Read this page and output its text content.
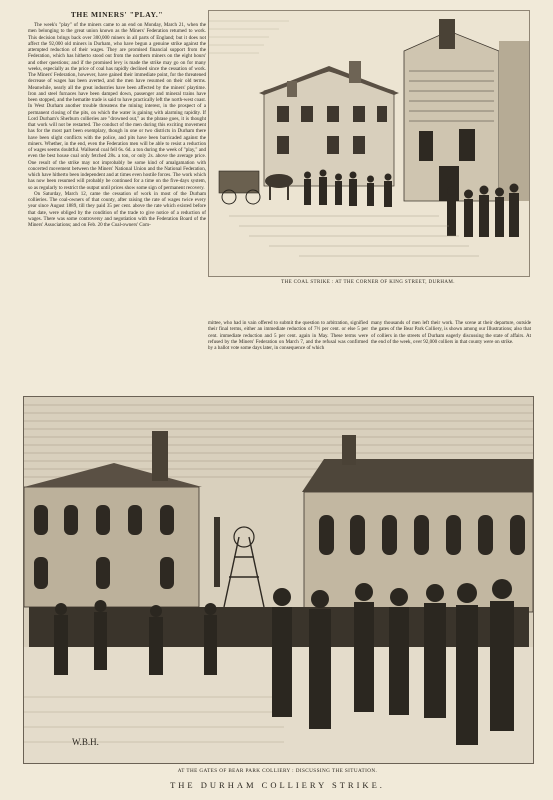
THE MINERS' "PLAY."

The week's "play" of the miners came to an end on Monday, March 21, when the men belonging to the great union known as the Miners' Federation returned to work. This decision brings back over 300,000 miners in all parts of England; but it does not affect the 92,000 old miners in Durham, who have begun a genuine strike against the attempted reduction of their wages. They are promised financial support from the Federation, which has hitherto stood out from the northern miners on the eight hours' and other questions; and if the promised levy is made the strike may go on for many weeks, especially as the price of coal has rapidly declined since the cessation of work. The Miners' Federation, however, have gained their immediate point, for the threatened decrease of wages has been averted, and the men have resumed on their old terms. Meanwhile, nearly all the great industries have been affected by the miners' playtime. Iron and steel furnaces have been damped down, passenger and mineral trains have been stopped, and the hematite trade is said to have practically left the north-west coast. In West Durham another trouble threatens the mining interest, in the prospect of a permanent closing of the pits, on which the water is gaining with alarming rapidity. If Lord Durham's Sherburn collieries are "drowned out," as the phrase goes, it is thought that work will not be restarted. The conduct of the men during this exciting movement has for the most part been exemplary, though in one or two districts in Durham there have been slight conflicts with the police, and pits have been barricaded against the miners. Whether, in the end, even the Federation men will be able to resist a reduction of wages seems doubtful. Wallsend coal fell 6s. 6d. a ton during the week of "play," and even the best house coal only fetched 28s. a ton, or only 2s. above the average price. One result of the strike may not improbably be some kind of amalgamation with concerted movement between the Miners' National Union and the National Federation, which have hitherto been independent and at times even hostile forces. The work which has now been resumed will probably be continued for a time on the five-days system, so as regularly to restrict the output until prices show some sign of permanent recovery.

On Saturday, March 12, came the cessation of work in most of the Durham collieries. The coal-owners of that county, after raising the rate of wages twice every year since August 1889, till they paid 35 per cent. above the rate which existed before that date, were obliged by the condition of the trade to give notice of a reduction of wages. There was some controversy and negotiation with the Federation Board of the Miners' Associations; and on Feb. 20 the Coal-owners' Com-

THE COAL STRIKE : AT THE CORNER OF KING STREET, DURHAM.

mittee, who had in vain offered to submit the question to arbitration, signified their final terms, either an immediate reduction of 7½ per cent. or else 5 per cent. immediate reduction and 5 per cent. again in May. These terms were refused by the Miners' Federation on March 7, and the refusal was confirmed by a ballot vote some days later, in consequence of which

many thousands of men left their work. The scene at their departure, outside the gates of the Bear Park Colliery, is shown among our Illustrations; also that of colliers in the streets of Durham eagerly discussing the state of affairs. At the end of the week, over 92,000 colliers in that county were on strike.

W.B.H.
AT THE GATES OF BEAR PARK COLLIERY : DISCUSSING THE SITUATION.
THE DURHAM COLLIERY STRIKE.
